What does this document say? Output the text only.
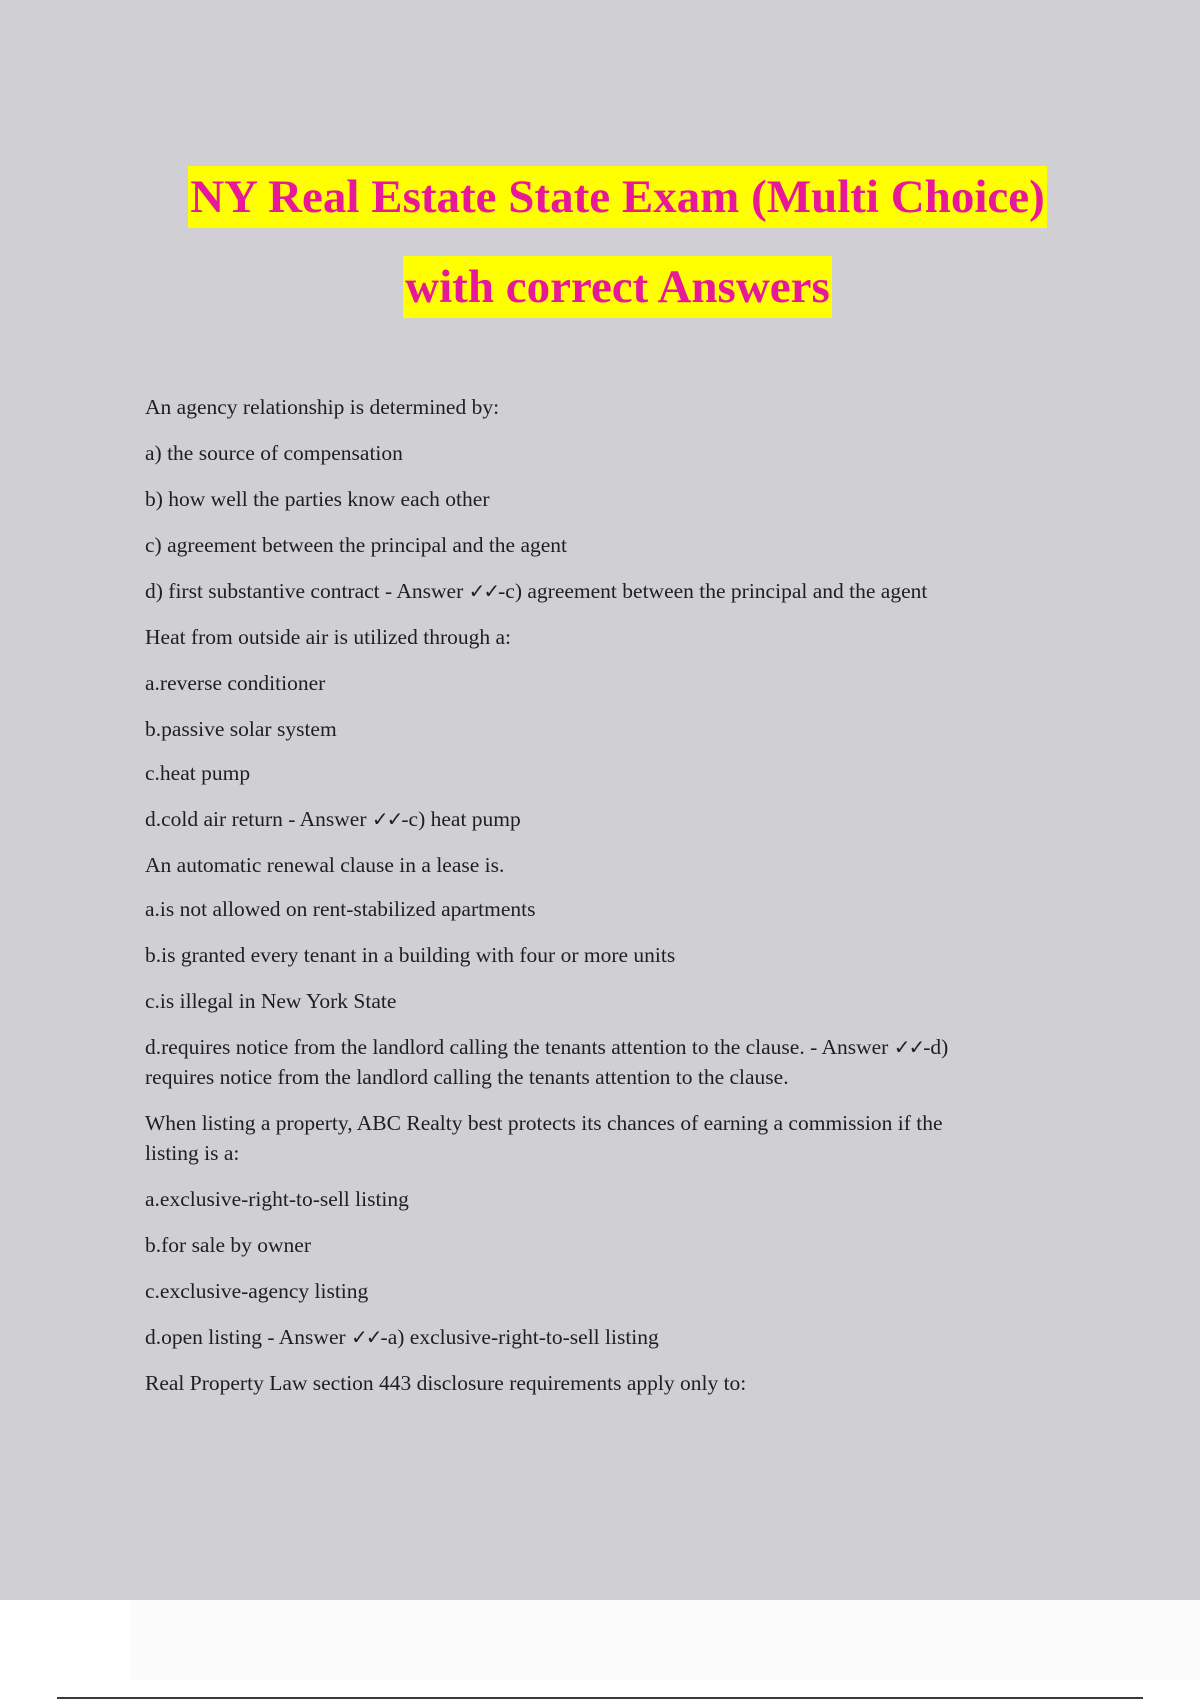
NY Real Estate State Exam (Multi Choice)
with correct Answers

An agency relationship is determined by:

a) the source of compensation

b) how well the parties know each other

c) agreement between the principal and the agent

d) first substantive contract - Answer ✓✓-c) agreement between the principal and the agent

Heat from outside air is utilized through a:

a.reverse conditioner

b.passive solar system

c.heat pump

d.cold air return - Answer ✓✓-c) heat pump

An automatic renewal clause in a lease is.

a.is not allowed on rent-stabilized apartments

b.is granted every tenant in a building with four or more units

c.is illegal in New York State

d.requires notice from the landlord calling the tenants attention to the clause. - Answer ✓✓-d)

requires notice from the landlord calling the tenants attention to the clause.

When listing a property, ABC Realty best protects its chances of earning a commission if the

listing is a:

a.exclusive-right-to-sell listing

b.for sale by owner

c.exclusive-agency listing

d.open listing - Answer ✓✓-a) exclusive-right-to-sell listing

Real Property Law section 443 disclosure requirements apply only to:
